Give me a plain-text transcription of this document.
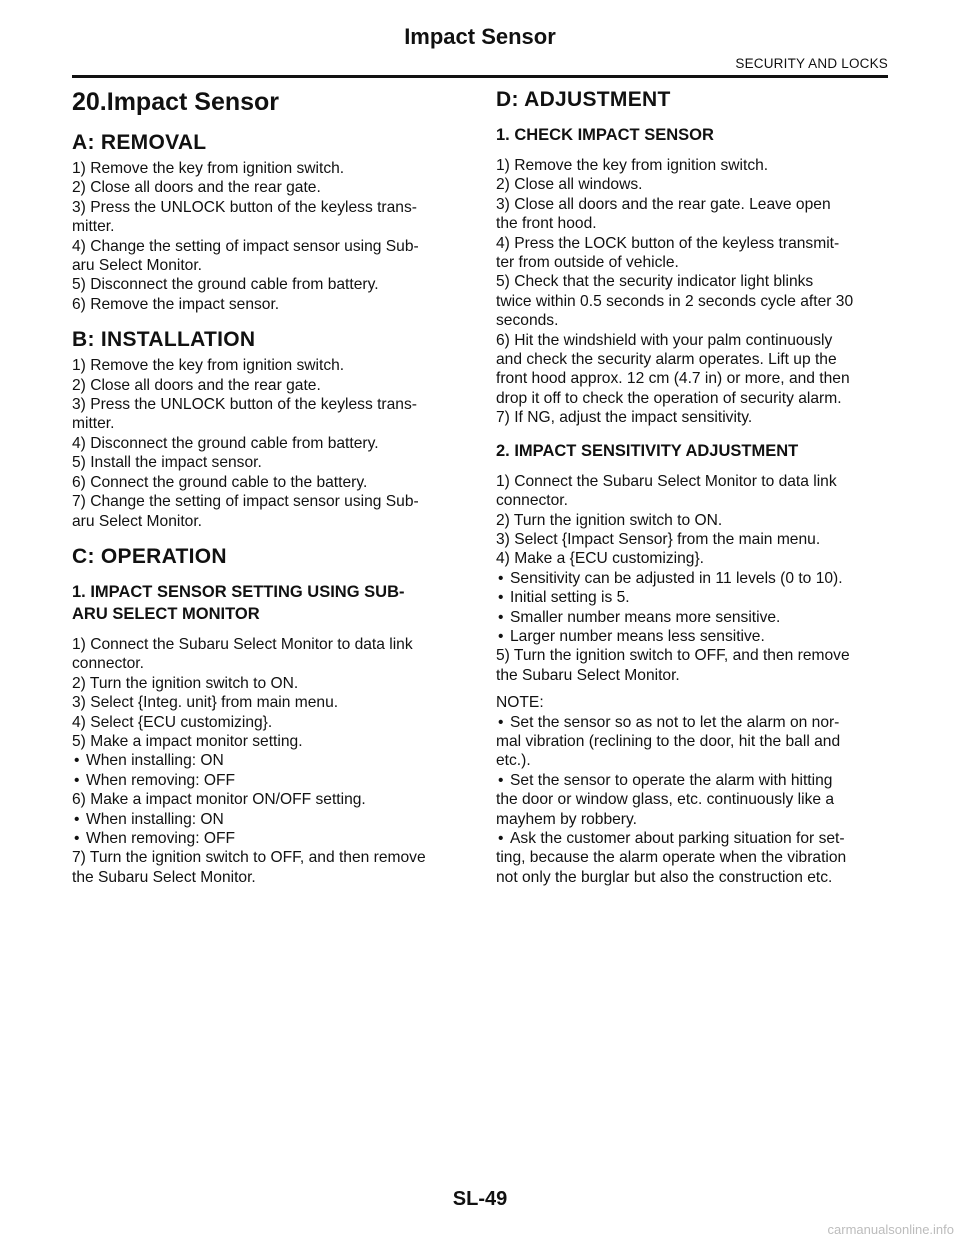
Impact Sensor
SECURITY AND LOCKS
20.Impact Sensor
A: REMOVAL

1) Remove the key from ignition switch.

2) Close all doors and the rear gate.

3) Press the UNLOCK button of the keyless trans-

mitter.

4) Change the setting of impact sensor using Sub-

aru Select Monitor.

5) Disconnect the ground cable from battery.

6) Remove the impact sensor.

B: INSTALLATION

1) Remove the key from ignition switch.

2) Close all doors and the rear gate.

3) Press the UNLOCK button of the keyless trans-

mitter.

4) Disconnect the ground cable from battery.

5) Install the impact sensor.

6) Connect the ground cable to the battery.

7) Change the setting of impact sensor using Sub-

aru Select Monitor.

C: OPERATION
1. IMPACT SENSOR SETTING USING SUB-
ARU SELECT MONITOR

1) Connect the Subaru Select Monitor to data link

connector.

2) Turn the ignition switch to ON.

3) Select {Integ. unit} from main menu.

4) Select {ECU customizing}.

5) Make a impact monitor setting.

• When installing: ON

• When removing: OFF

6) Make a impact monitor ON/OFF setting.

• When installing: ON

• When removing: OFF

7) Turn the ignition switch to OFF, and then remove

the Subaru Select Monitor.

D: ADJUSTMENT
1. CHECK IMPACT SENSOR

1) Remove the key from ignition switch.

2) Close all windows.

3) Close all doors and the rear gate. Leave open

the front hood.

4) Press the LOCK button of the keyless transmit-

ter from outside of vehicle.

5) Check that the security indicator light blinks

twice within 0.5 seconds in 2 seconds cycle after 30

seconds.

6) Hit the windshield with your palm continuously

and check the security alarm operates. Lift up the

front hood approx. 12 cm (4.7 in) or more, and then

drop it off to check the operation of security alarm.

7) If NG, adjust the impact sensitivity.

2. IMPACT SENSITIVITY ADJUSTMENT

1) Connect the Subaru Select Monitor to data link

connector.

2) Turn the ignition switch to ON.

3) Select {Impact Sensor} from the main menu.

4) Make a {ECU customizing}.

• Sensitivity can be adjusted in 11 levels (0 to 10).

• Initial setting is 5.

• Smaller number means more sensitive.

• Larger number means less sensitive.

5) Turn the ignition switch to OFF, and then remove

the Subaru Select Monitor.

NOTE:

• Set the sensor so as not to let the alarm on nor-

mal vibration (reclining to the door, hit the ball and

etc.).

• Set the sensor to operate the alarm with hitting

the door or window glass, etc. continuously like a

mayhem by robbery.

• Ask the customer about parking situation for set-

ting, because the alarm operate when the vibration

not only the burglar but also the construction etc.

SL-49
carmanualsonline.info
